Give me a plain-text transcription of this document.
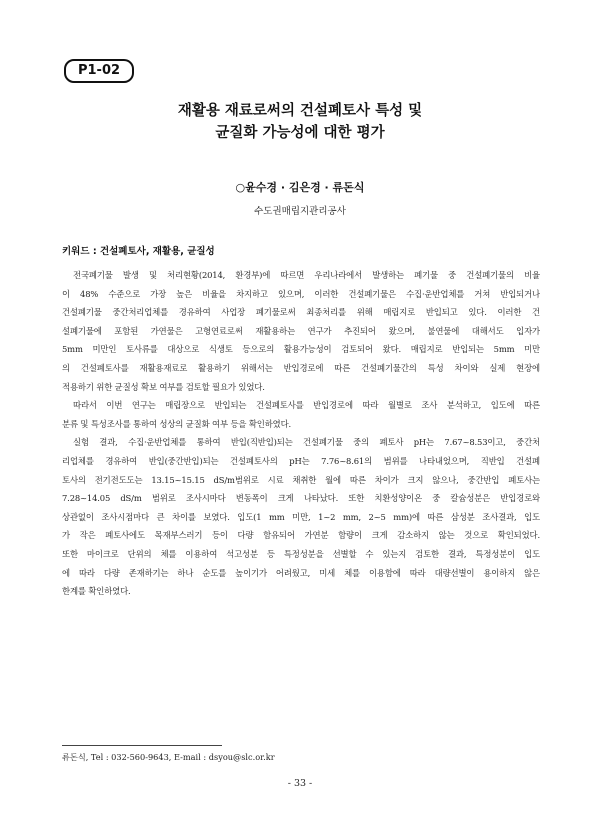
P1-02
재활용 재료로써의 건설폐토사 특성 및
균질화 가능성에 대한 평가
○윤수경 · 김은경 · 류돈식
수도권매립지관리공사
키워드 : 건설폐토사, 재활용, 균질성
전국폐기물 발생 및 처리현황(2014, 환경부)에 따르면 우리나라에서 발생하는 폐기물 중 건설폐기물의 비율
이 48% 수준으로 가장 높은 비율을 차지하고 있으며, 이러한 건설폐기물은 수집·운반업체를 거쳐 반입되거나
건설폐기물 중간처리업체를 경유하여 사업장 폐기물로써 최종처리를 위해 매립지로 반입되고 있다. 이러한 건
설폐기물에 포함된 가연물은 고형연료로써 재활용하는 연구가 추진되어 왔으며, 불연물에 대해서도 입자가
5mm 미만인 토사류를 대상으로 식생토 등으로의 활용가능성이 검토되어 왔다. 매립지로 반입되는 5mm 미만
의 건설폐토사를 재활용재료로 활용하기 위해서는 반입경로에 따른 건설폐기물간의 특성 차이와 실제 현장에
적용하기 위한 균질성 확보 여부를 검토할 필요가 있었다.
따라서 이번 연구는 매립장으로 반입되는 건설폐토사를 반입경로에 따라 월별로 조사 분석하고, 입도에 따른
분류 및 특성조사를 통하여 성상의 균질화 여부 등을 확인하였다.
실험 결과, 수집·운반업체를 통하여 반입(직반입)되는 건설폐기물 중의 폐토사 pH는 7.67~8.53이고, 중간처
리업체를 경유하여 반입(중간반입)되는 건설폐토사의 pH는 7.76~8.61의 범위를 나타내었으며, 직반입 건설폐
토사의 전기전도도는 13.15~15.15 dS/m범위로 시료 채취한 월에 따른 차이가 크지 않으나, 중간반입 폐토사는
7.28~14.05 dS/m 범위로 조사시마다 변동폭이 크게 나타났다. 또한 치환성양이온 중 칼슘성분은 반입경로와
상관없이 조사시점마다 큰 차이를 보였다. 입도(1 mm 미만, 1~2 mm, 2~5 mm)에 따른 삼성분 조사결과, 입도
가 작은 폐토사에도 목재부스러기 등이 다량 함유되어 가연분 함량이 크게 감소하지 않는 것으로 확인되었다.
또한 마이크로 단위의 체를 이용하여 석고성분 등 특정성분을 선별할 수 있는지 검토한 결과, 특정성분이 입도
에 따라 다량 존재하기는 하나 순도를 높이기가 어려웠고, 미세 체를 이용함에 따라 대량선별이 용이하지 않은
한계를 확인하였다.
류돈식, Tel : 032-560-9643, E-mail : dsyou@slc.or.kr
- 33 -
